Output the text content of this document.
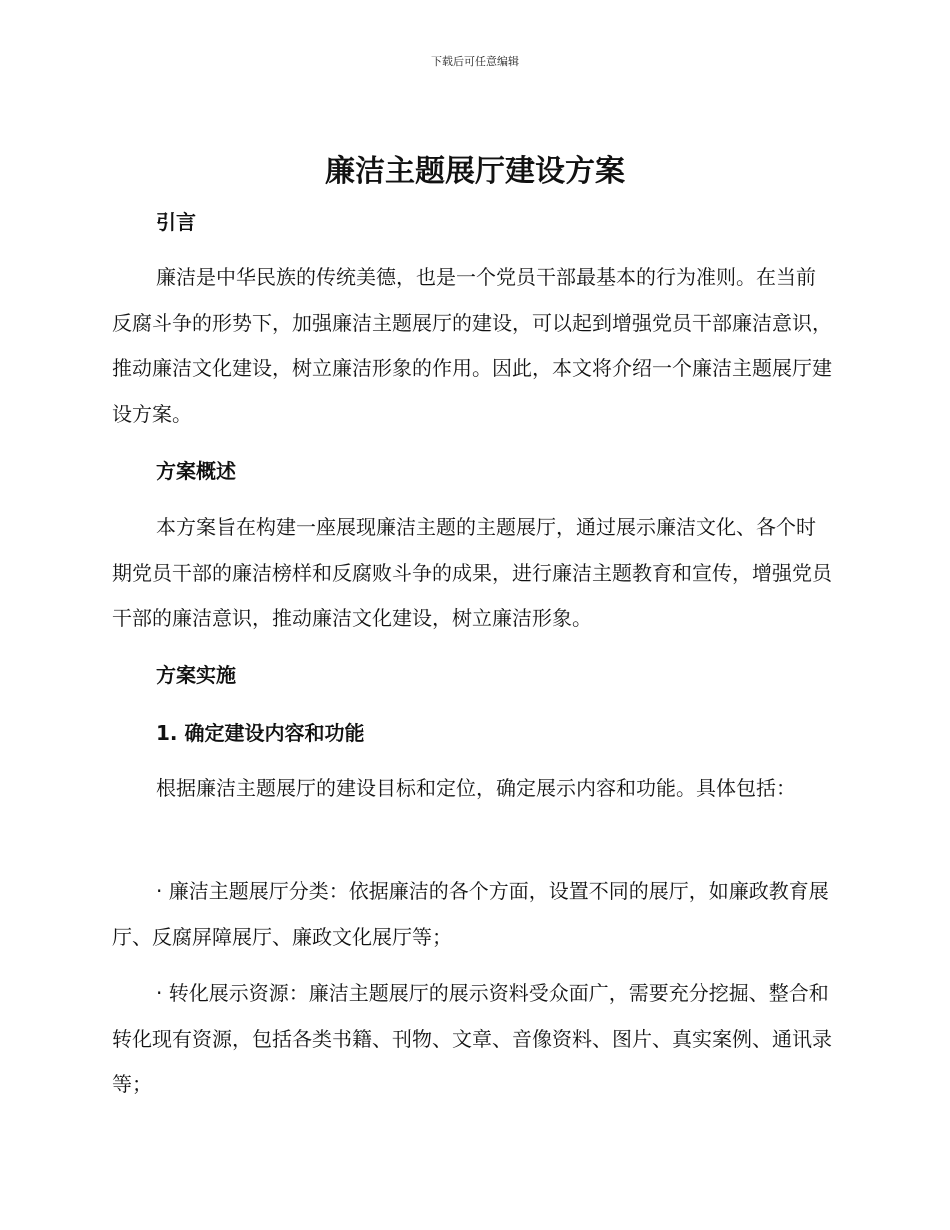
下载后可任意编辑
廉洁主题展厅建设方案
引言

廉洁是中华民族的传统美德，也是一个党员干部最基本的行为准则。在当前反腐斗争的形势下，加强廉洁主题展厅的建设，可以起到增强党员干部廉洁意识，推动廉洁文化建设，树立廉洁形象的作用。因此，本文将介绍一个廉洁主题展厅建设方案。

方案概述

本方案旨在构建一座展现廉洁主题的主题展厅，通过展示廉洁文化、各个时期党员干部的廉洁榜样和反腐败斗争的成果，进行廉洁主题教育和宣传，增强党员干部的廉洁意识，推动廉洁文化建设，树立廉洁形象。

方案实施
1. 确定建设内容和功能

根据廉洁主题展厅的建设目标和定位，确定展示内容和功能。具体包括：

· 廉洁主题展厅分类：依据廉洁的各个方面，设置不同的展厅，如廉政教育展厅、反腐屏障展厅、廉政文化展厅等；

· 转化展示资源：廉洁主题展厅的展示资料受众面广，需要充分挖掘、整合和转化现有资源，包括各类书籍、刊物、文章、音像资料、图片、真实案例、通讯录等；
